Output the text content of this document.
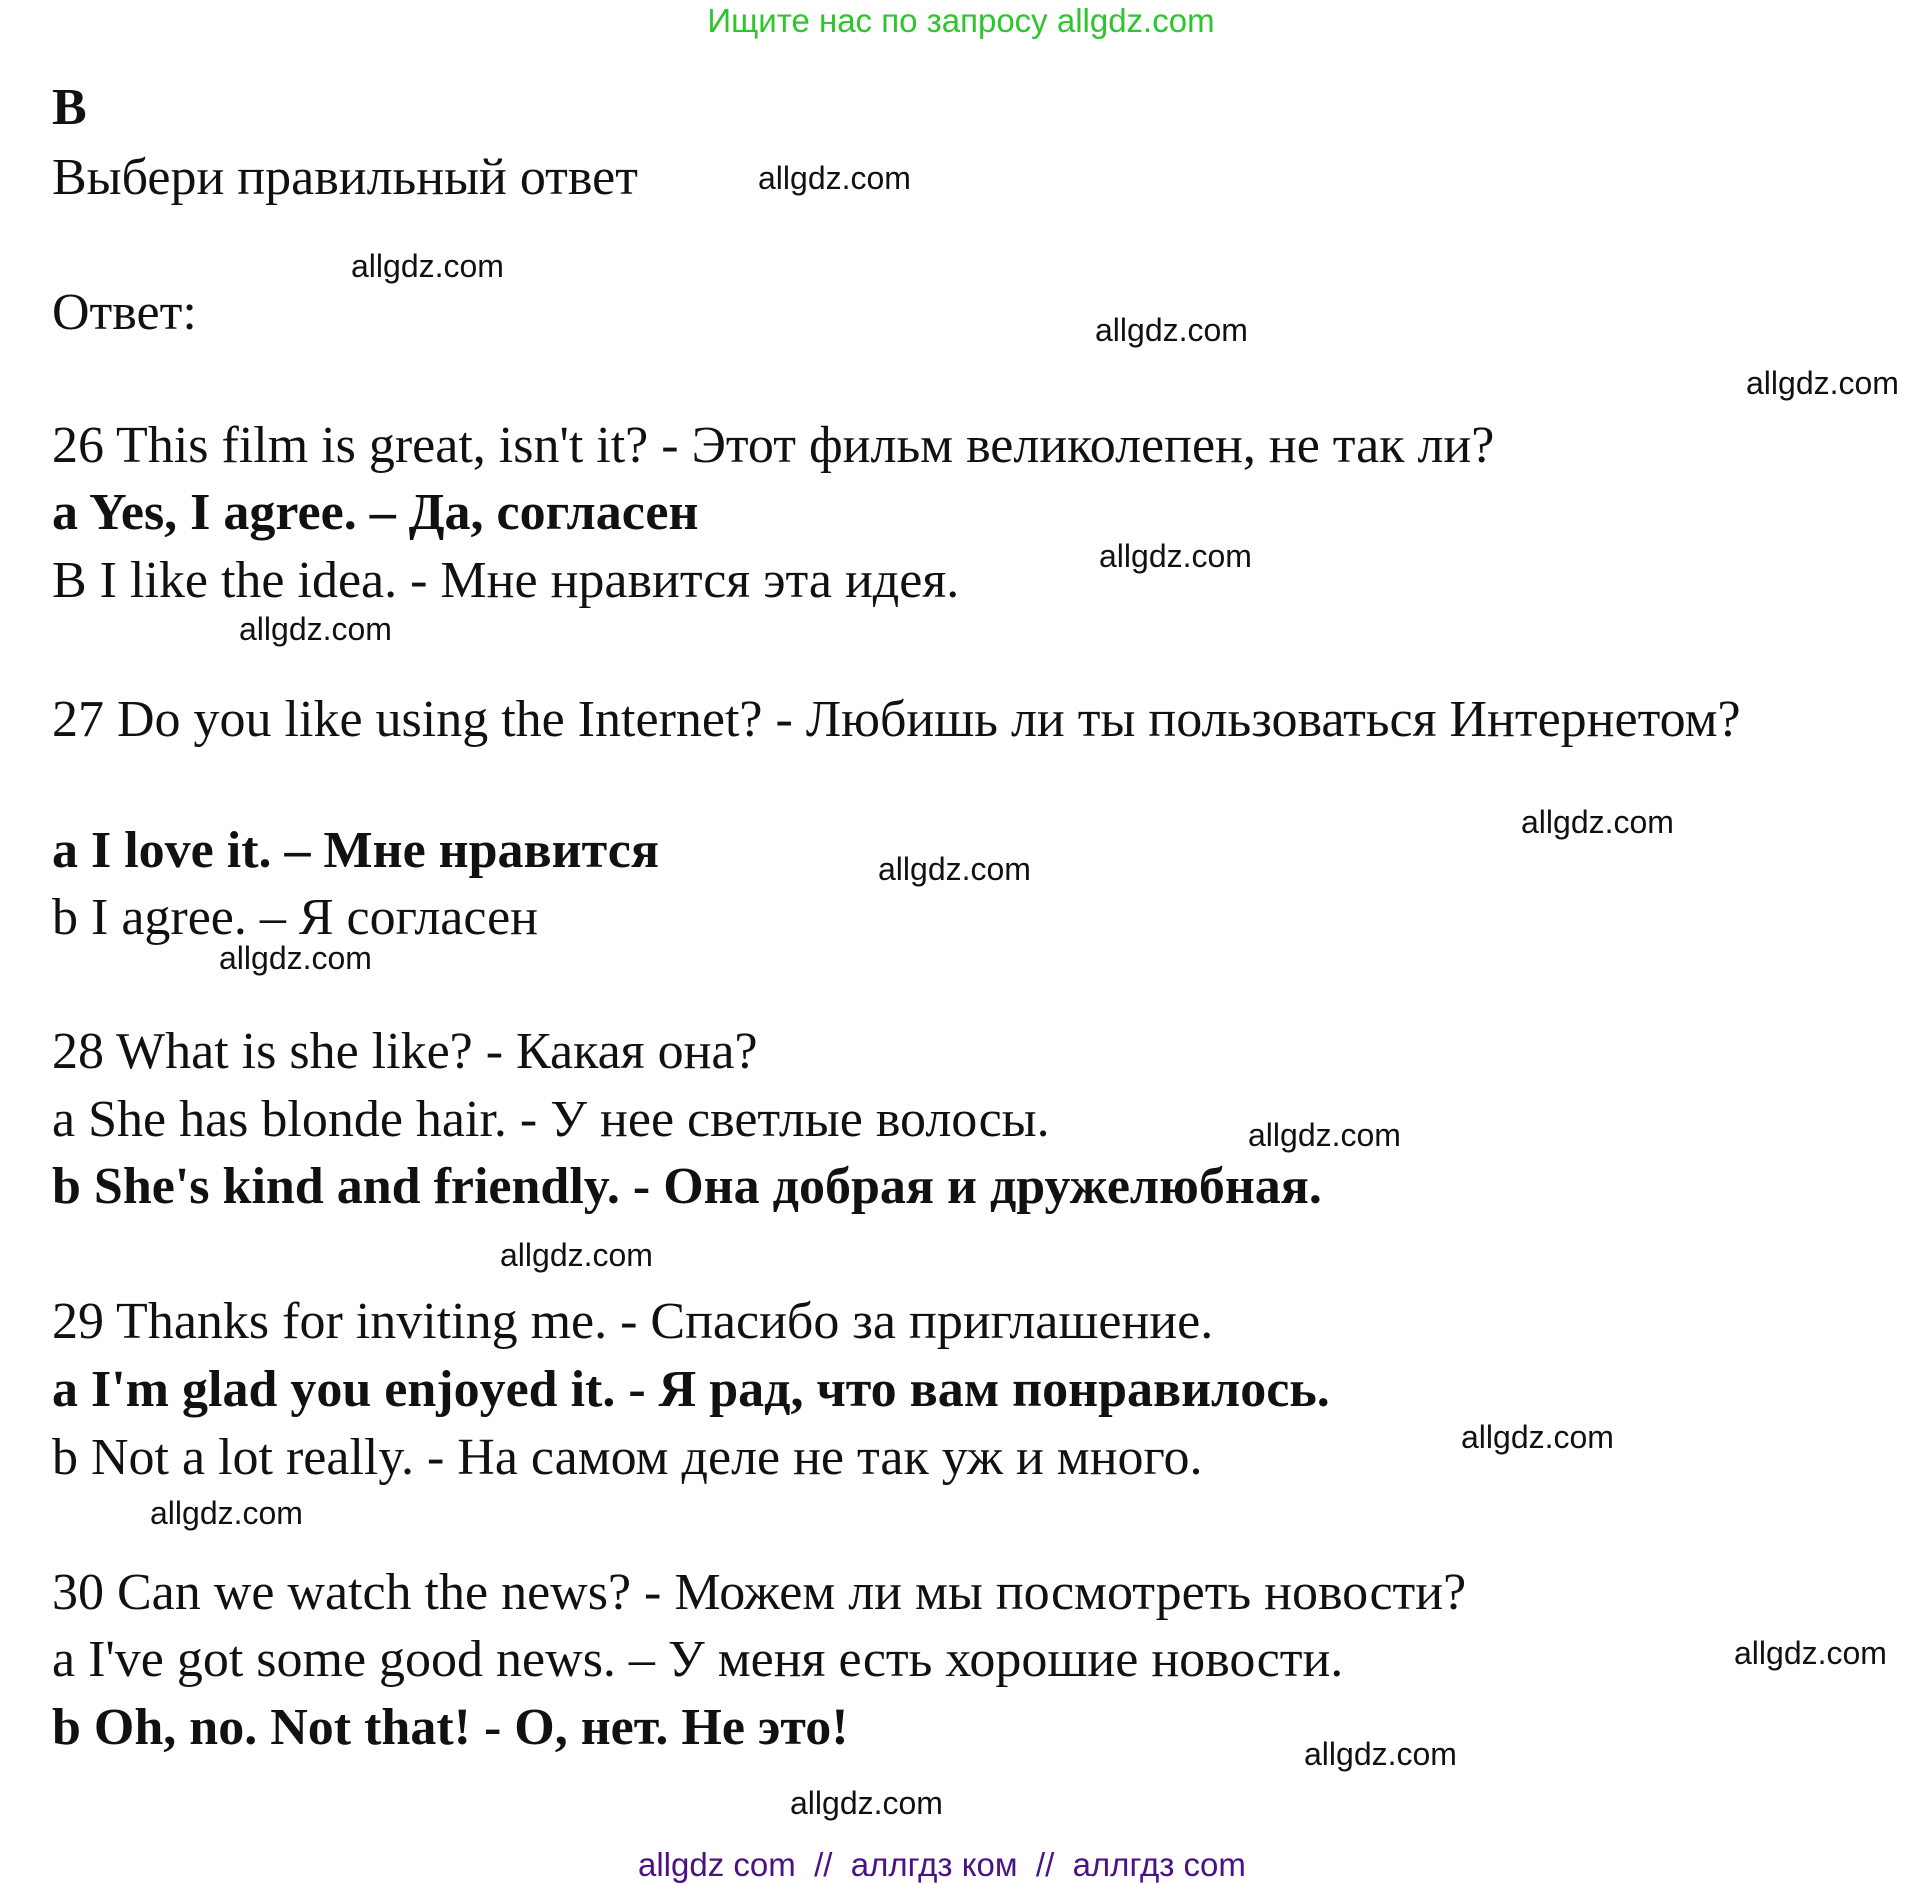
Ищите нас по запросу allgdz.com
B
Выбери правильный ответ
Ответ:
26 This film is great, isn't it? - Этот фильм великолепен, не так ли?
a Yes, I agree. – Да, согласен
B I like the idea. - Мне нравится эта идея.
27 Do you like using the Internet? - Любишь ли ты пользоваться Интернетом?
a I love it. – Мне нравится
b I agree. – Я согласен
28 What is she like? - Какая она?
a She has blonde hair. - У нее светлые волосы.
b She's kind and friendly. - Она добрая и дружелюбная.
29 Thanks for inviting me. - Спасибо за приглашение.
a I'm glad you enjoyed it. - Я рад, что вам понравилось.
b Not a lot really. - На самом деле не так уж и много.
30 Can we watch the news? - Можем ли мы посмотреть новости?
a I've got some good news. – У меня есть хорошие новости.
b Oh, no. Not that! - О, нет. Не это!
allgdz.com
allgdz.com
allgdz.com
allgdz.com
allgdz.com
allgdz.com
allgdz.com
allgdz.com
allgdz.com
allgdz.com
allgdz.com
allgdz.com
allgdz.com
allgdz.com
allgdz.com
allgdz.com
allgdz com  //  аллгдз ком  //  аллгдз com
